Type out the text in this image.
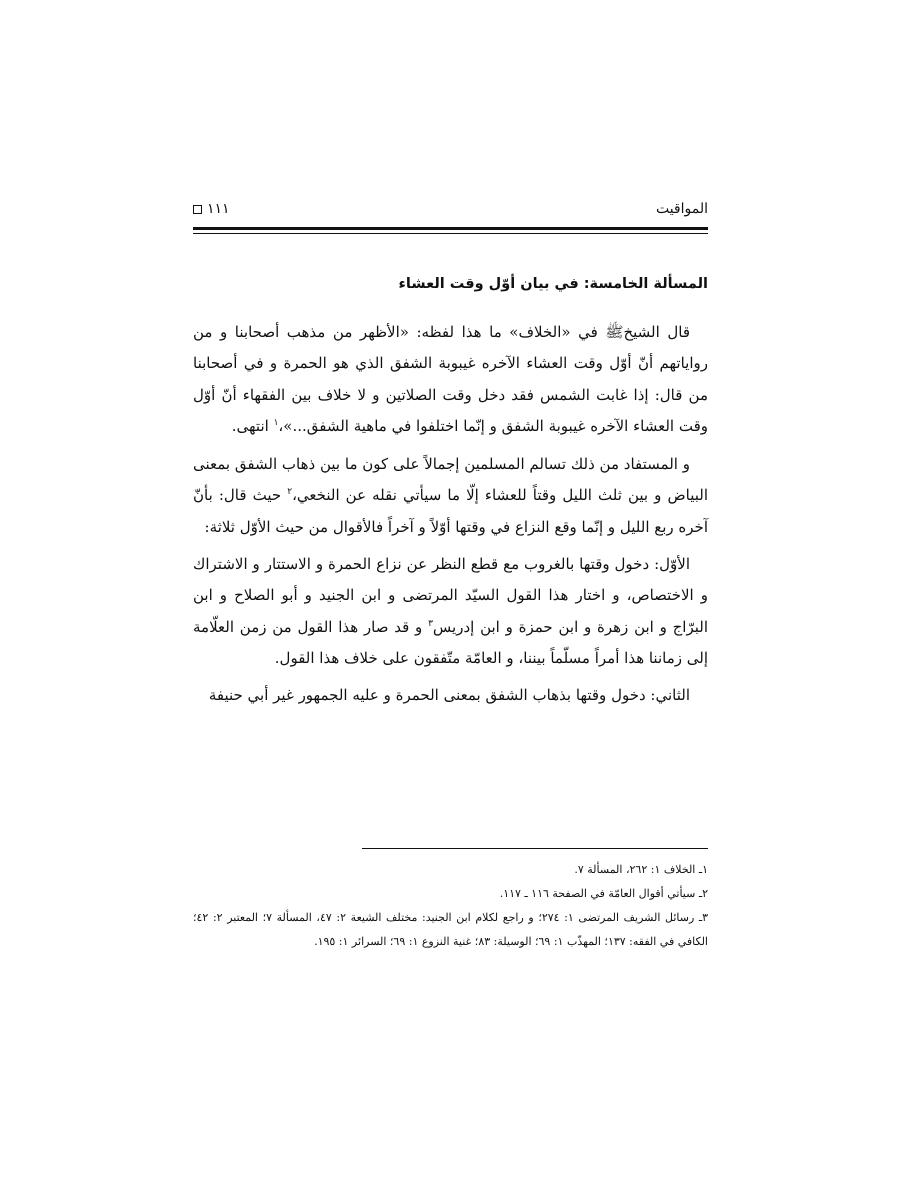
المواقيت
١١١
المسألة الخامسة: في بيان أوّل وقت العشاء

قال الشيخﷺ في «الخلاف» ما هذا لفظه: «الأظهر من مذهب أصحابنا و من رواياتهم أنّ أوّل وقت العشاء الآخره غيبوبة الشفق الذي هو الحمرة و في أصحابنا من قال: إذا غابت الشمس فقد دخل وقت الصلاتين و لا خلاف بين الفقهاء أنّ أوّل وقت العشاء الآخره غيبوبة الشفق و إنّما اختلفوا في ماهية الشفق...»،$^١$ انتهى.

و المستفاد من ذلك تسالم المسلمين إجمالاً على كون ما بين ذهاب الشفق بمعنى البياض و بين ثلث الليل وقتاً للعشاء إلّا ما سيأتي نقله عن النخعي،$^٢$ حيث قال: بأنّ آخره ربع الليل و إنّما وقع النزاع في وقتها أوّلاً و آخراً فالأقوال من حيث الأوّل ثلاثة:

الأوّل: دخول وقتها بالغروب مع قطع النظر عن نزاع الحمرة و الاستتار و الاشتراك و الاختصاص، و اختار هذا القول السيّد المرتضى و ابن الجنيد و أبو الصلاح و ابن البرّاج و ابن زهرة و ابن حمزة و ابن إدريس$^٣$ و قد صار هذا القول من زمن العلّامة إلى زماننا هذا أمراً مسلّماً بيننا، و العامّة متّفقون على خلاف هذا القول.

الثاني: دخول وقتها بذهاب الشفق بمعنى الحمرة و عليه الجمهور غير أبي حنيفة

١ـ الخلاف ١: ٢٦٢، المسألة ٧.
٢ـ سيأتي أقوال العامّة في الصفحة ١١٦ ـ ١١٧.
٣ـ رسائل الشريف المرتضى ١: ٢٧٤؛ و راجع لكلام ابن الجنيد: مختلف الشيعة ٢: ٤٧، المسألة ٧؛ المعتبر ٢: ٤٢؛ الكافي في الفقه: ١٣٧؛ المهذّب ١: ٦٩؛ الوسيلة: ٨٣؛ غنية النزوع ١: ٦٩؛ السرائر ١: ١٩٥.
